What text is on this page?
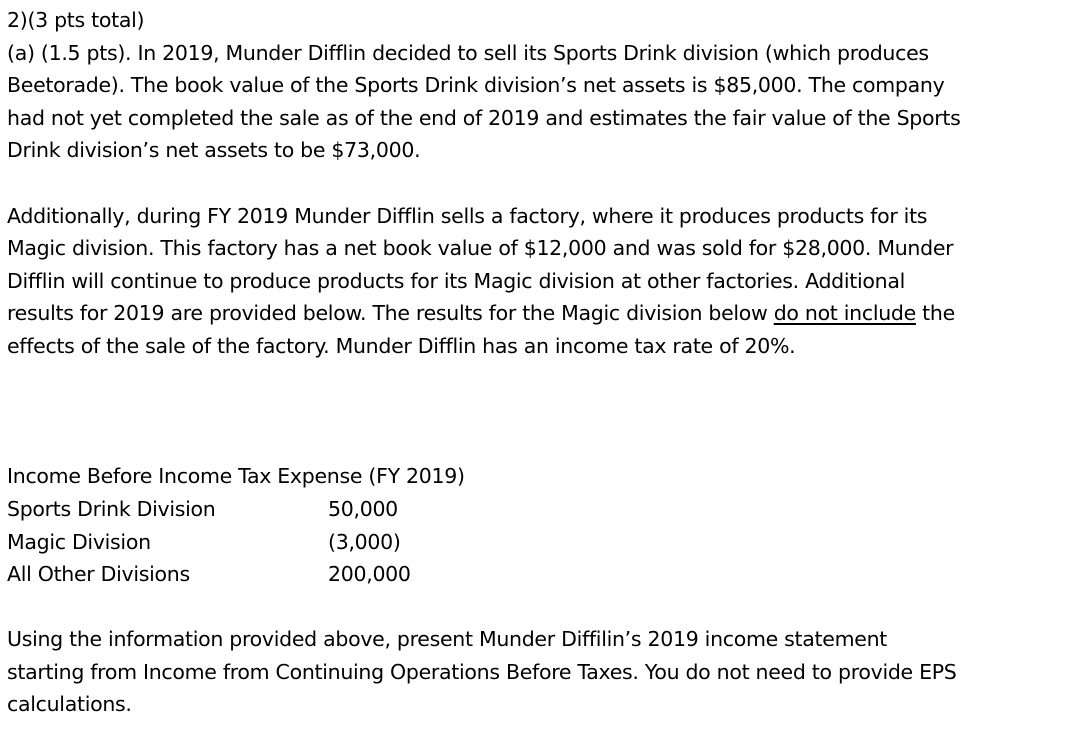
2)(3 pts total)
(a) (1.5 pts). In 2019, Munder Difflin decided to sell its Sports Drink division (which produces
Beetorade). The book value of the Sports Drink division’s net assets is $85,000. The company
had not yet completed the sale as of the end of 2019 and estimates the fair value of the Sports
Drink division’s net assets to be $73,000.
Additionally, during FY 2019 Munder Difflin sells a factory, where it produces products for its
Magic division. This factory has a net book value of $12,000 and was sold for $28,000. Munder
Difflin will continue to produce products for its Magic division at other factories. Additional
results for 2019 are provided below. The results for the Magic division below do not include the
effects of the sale of the factory. Munder Difflin has an income tax rate of 20%.
Income Before Income Tax Expense (FY 2019)
Sports Drink Division	50,000
Magic Division	(3,000)
All Other Divisions	200,000
Using the information provided above, present Munder Diffilin’s 2019 income statement
starting from Income from Continuing Operations Before Taxes. You do not need to provide EPS
calculations.
